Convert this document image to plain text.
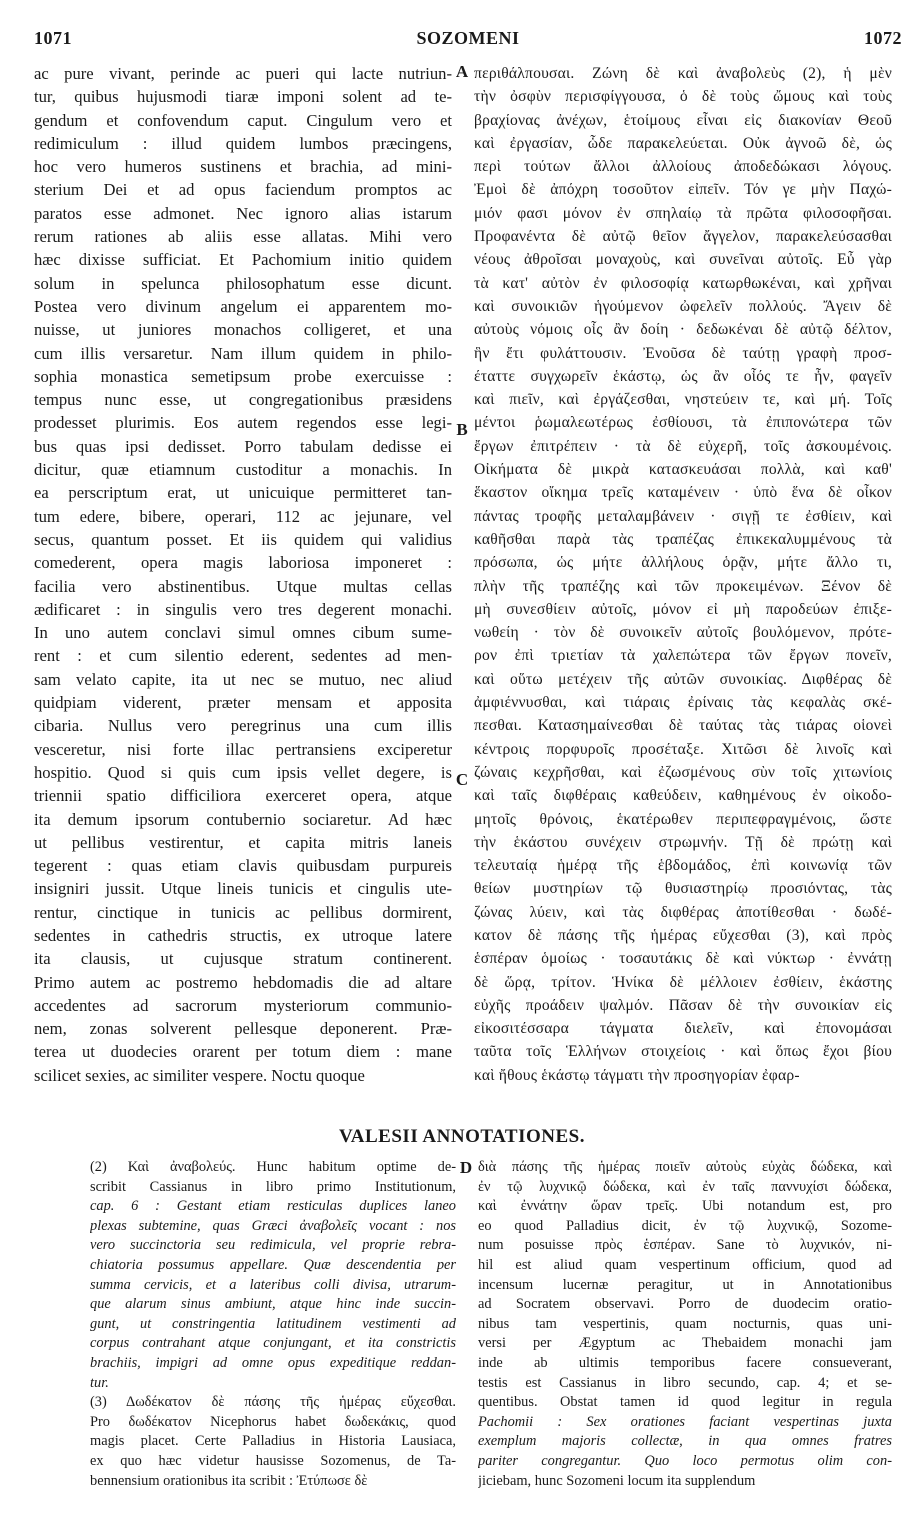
1071	SOZOMENI	1072
ac pure vivant, perinde ac pueri qui lacte nutriun-
tur, quibus hujusmodi tiaræ imponi solent ad te-
gendum et confovendum caput. Cingulum vero et
redimiculum : illud quidem lumbos præcingens,
hoc vero humeros sustinens et brachia, ad mini-
sterium Dei et ad opus faciendum promptos ac
paratos esse admonet. Nec ignoro alias istarum
rerum rationes ab aliis esse allatas. Mihi vero
hæc dixisse sufficiat. Et Pachomium initio quidem
solum in spelunca philosophatum esse dicunt.
Postea vero divinum angelum ei apparentem mo-
nuisse, ut juniores monachos colligeret, et una
cum illis versaretur. Nam illum quidem in philo-
sophia monastica semetipsum probe exercuisse :
tempus nunc esse, ut congregationibus præsidens
prodesset plurimis. Eos autem regendos esse legi-
bus quas ipsi dedisset. Porro tabulam dedisse ei
dicitur, quæ etiamnum custoditur a monachis. In
ea perscriptum erat, ut unicuique permitteret tan-
tum edere, bibere, operari, 112 ac jejunare, vel
secus, quantum posset. Et iis quidem qui validius
comederent, opera magis laboriosa imponeret :
facilia vero abstinentibus. Utque multas cellas
ædificaret : in singulis vero tres degerent monachi.
In uno autem conclavi simul omnes cibum sume-
rent : et cum silentio ederent, sedentes ad men-
sam velato capite, ita ut nec se mutuo, nec aliud
quidpiam viderent, præter mensam et apposita
cibaria. Nullus vero peregrinus una cum illis
vesceretur, nisi forte illac pertransiens exciperetur
hospitio. Quod si quis cum ipsis vellet degere, is
triennii spatio difficiliora exerceret opera, atque
ita demum ipsorum contubernio sociaretur. Ad hæc
ut pellibus vestirentur, et capita mitris laneis
tegerent : quas etiam clavis quibusdam purpureis
insigniri jussit. Utque lineis tunicis et cingulis ute-
rentur, cinctique in tunicis ac pellibus dormirent,
sedentes in cathedris structis, ex utroque latere
ita clausis, ut cujusque stratum continerent.
Primo autem ac postremo hebdomadis die ad altare
accedentes ad sacrorum mysteriorum communio-
nem, zonas solverent pellesque deponerent. Præ-
terea ut duodecies orarent per totum diem : mane
scilicet sexies, ac similiter vespere. Noctu quoque
A
B
C
περιθάλπουσαι. Ζώνη δὲ καὶ ἀναβολεὺς (2), ἡ μὲν
τὴν ὀσφὺν περισφίγγουσα, ὁ δὲ τοὺς ὤμους καὶ τοὺς
βραχίονας ἀνέχων, ἑτοίμους εἶναι εἰς διακονίαν Θεοῦ
καὶ ἐργασίαν, ὧδε παρακελεύεται. Οὐκ ἀγνοῶ δὲ, ὡς
περὶ τούτων ἄλλοι ἀλλοίους ἀποδεδώκασι λόγους.
Ἐμοὶ δὲ ἀπόχρη τοσοῦτον εἰπεῖν. Τόν γε μὴν Παχώ-
μιόν φασι μόνον ἐν σπηλαίῳ τὰ πρῶτα φιλοσοφῆσαι.
Προφανέντα δὲ αὐτῷ θεῖον ἄγγελον, παρακελεύσασθαι
νέους ἀθροῖσαι μοναχοὺς, καὶ συνεῖναι αὐτοῖς. Εὖ γὰρ
τὰ κατ' αὐτὸν ἐν φιλοσοφίᾳ κατωρθωκέναι, καὶ χρῆναι
καὶ συνοικιῶν ἡγούμενον ὠφελεῖν πολλούς. Ἄγειν δὲ
αὐτοὺς νόμοις οἷς ἂν δοίη · δεδωκέναι δὲ αὐτῷ δέλτον,
ἣν ἔτι φυλάττουσιν. Ἐνοῦσα δὲ ταύτῃ γραφὴ προσ-
έταττε συγχωρεῖν ἑκάστῳ, ὡς ἂν οἷός τε ἦν, φαγεῖν
καὶ πιεῖν, καὶ ἐργάζεσθαι, νηστεύειν τε, καὶ μή. Τοῖς
μέντοι ῥωμαλεωτέρως ἐσθίουσι, τὰ ἐπιπονώτερα τῶν
ἔργων ἐπιτρέπειν · τὰ δὲ εὐχερῆ, τοῖς ἀσκουμένοις.
Οἰκήματα δὲ μικρὰ κατασκευάσαι πολλὰ, καὶ καθ'
ἕκαστον οἴκημα τρεῖς καταμένειν · ὑπὸ ἕνα δὲ οἶκον
πάντας τροφῆς μεταλαμβάνειν · σιγῇ τε ἐσθίειν, καὶ
καθῆσθαι παρὰ τὰς τραπέζας ἐπικεκαλυμμένους τὰ
πρόσωπα, ὡς μήτε ἀλλήλους ὁρᾷν, μήτε ἄλλο τι,
πλὴν τῆς τραπέζης καὶ τῶν προκειμένων. Ξένον δὲ
μὴ συνεσθίειν αὐτοῖς, μόνον εἰ μὴ παροδεύων ἐπιξε-
νωθείη · τὸν δὲ συνοικεῖν αὐτοῖς βουλόμενον, πρότε-
ρον ἐπὶ τριετίαν τὰ χαλεπώτερα τῶν ἔργων πονεῖν,
καὶ οὕτω μετέχειν τῆς αὐτῶν συνοικίας. Διφθέρας δὲ
ἀμφιέννυσθαι, καὶ τιάραις ἐρίναις τὰς κεφαλὰς σκέ-
πεσθαι. Κατασημαίνεσθαι δὲ ταύτας τὰς τιάρας οἱονεὶ
κέντροις πορφυροῖς προσέταξε. Χιτῶσι δὲ λινοῖς καὶ
ζώναις κεχρῆσθαι, καὶ ἐζωσμένους σὺν τοῖς χιτωνίοις
καὶ ταῖς διφθέραις καθεύδειν, καθημένους ἐν οἰκοδο-
μητοῖς θρόνοις, ἑκατέρωθεν περιπεφραγμένοις, ὥστε
τὴν ἑκάστου συνέχειν στρωμνήν. Τῇ δὲ πρώτῃ καὶ
τελευταίᾳ ἡμέρᾳ τῆς ἑβδομάδος, ἐπὶ κοινωνίᾳ τῶν
θείων μυστηρίων τῷ θυσιαστηρίῳ προσιόντας, τὰς
ζώνας λύειν, καὶ τὰς διφθέρας ἀποτίθεσθαι · δωδέ-
κατον δὲ πάσης τῆς ἡμέρας εὔχεσθαι (3), καὶ πρὸς
ἑσπέραν ὁμοίως · τοσαυτάκις δὲ καὶ νύκτωρ · ἐννάτῃ
δὲ ὥρᾳ, τρίτον. Ἡνίκα δὲ μέλλοιεν ἐσθίειν, ἑκάστης
εὐχῆς προάδειν ψαλμόν. Πᾶσαν δὲ τὴν συνοικίαν εἰς
εἰκοσιτέσσαρα τάγματα διελεῖν, καὶ ἐπονομάσαι
ταῦτα τοῖς Ἑλλήνων στοιχείοις · καὶ ὅπως ἔχοι βίου
καὶ ἤθους ἑκάστῳ τάγματι τὴν προσηγορίαν ἐφαρ-
VALESII ANNOTATIONES.
(2) Καὶ ἀναβολεύς. Hunc habitum optime de-
scribit Cassianus in libro primo Institutionum,
cap. 6 : Gestant etiam resticulas duplices laneo
plexas subtemine, quas Græci ἀναβολεῖς vocant : nos
vero succinctoria seu redimicula, vel proprie rebra-
chiatoria possumus appellare. Quæ descendentia per
summa cervicis, et a lateribus colli divisa, utrarum-
que alarum sinus ambiunt, atque hinc inde succin-
gunt, ut constringentia latitudinem vestimenti ad
corpus contrahant atque conjungant, et ita constrictis
brachiis, impigri ad omne opus expeditique reddan-
tur.
(3) Δωδέκατον δὲ πάσης τῆς ἡμέρας εὔχεσθαι.
Pro δωδέκατον Nicephorus habet δωδεκάκις, quod
magis placet. Certe Palladius in Historia Lausiaca,
ex quo hæc videtur hausisse Sozomenus, de Ta-
bennensium orationibus ita scribit : Ἐτύπωσε δὲ
D διὰ πάσης τῆς ἡμέρας ποιεῖν αὐτοὺς εὐχὰς δώδεκα, καὶ
ἐν τῷ λυχνικῷ δώδεκα, καὶ ἐν ταῖς παννυχίσι δώδεκα,
καὶ ἐννάτην ὥραν τρεῖς. Ubi notandum est, pro
eo quod Palladius dicit, ἐν τῷ λυχνικῷ, Sozome-
num posuisse πρὸς ἑσπέραν. Sane τὸ λυχνικόν, ni-
hil est aliud quam vespertinum officium, quod ad
incensum lucernæ peragitur, ut in Annotationibus
ad Socratem observavi. Porro de duodecim oratio-
nibus tam vespertinis, quam nocturnis, quas uni-
versi per Ægyptum ac Thebaidem monachi jam
inde ab ultimis temporibus facere consueverant,
testis est Cassianus in libro secundo, cap. 4; et se-
quentibus. Obstat tamen id quod legitur in regula
Pachomii : Sex orationes faciant vespertinas juxta
exemplum majoris collectæ, in qua omnes fratres
pariter congregantur. Quo loco permotus olim con-
jiciebam, hunc Sozomeni locum ita supplendum
